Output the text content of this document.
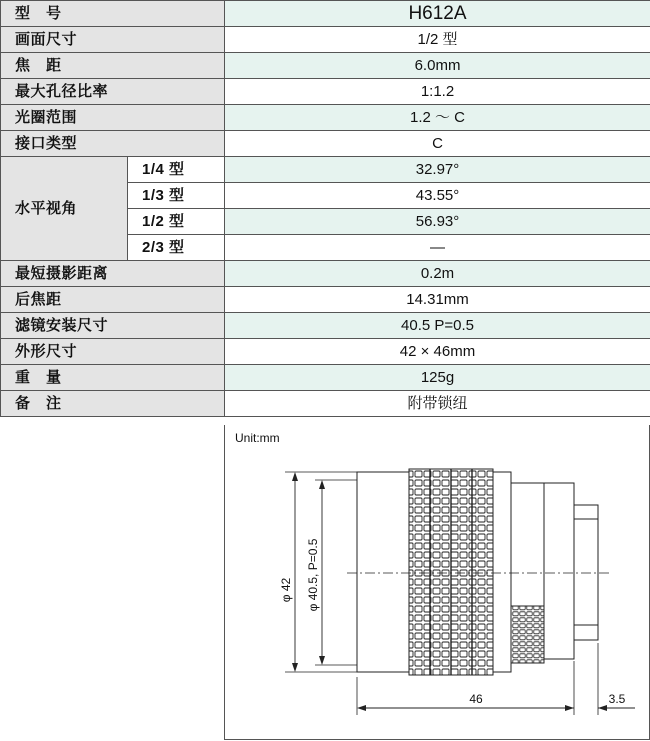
型　号		H612A
画面尺寸		1/2 型
焦　距		6.0mm
最大孔径比率		1:1.2
光圈范围		1.2 ～ C
接口类型		C
水平视角	1/4 型	32.97°
	1/3 型	43.55°
	1/2 型	56.93°
	2/3 型	—
最短摄影距离		0.2m
后焦距		14.31mm
滤镜安装尺寸		40.5 P=0.5
外形尺寸		42 × 46mm
重　量		125g
备　注		附带锁纽
Unit:mm
φ 42 φ 40.5, P=0.5
46	3.5
